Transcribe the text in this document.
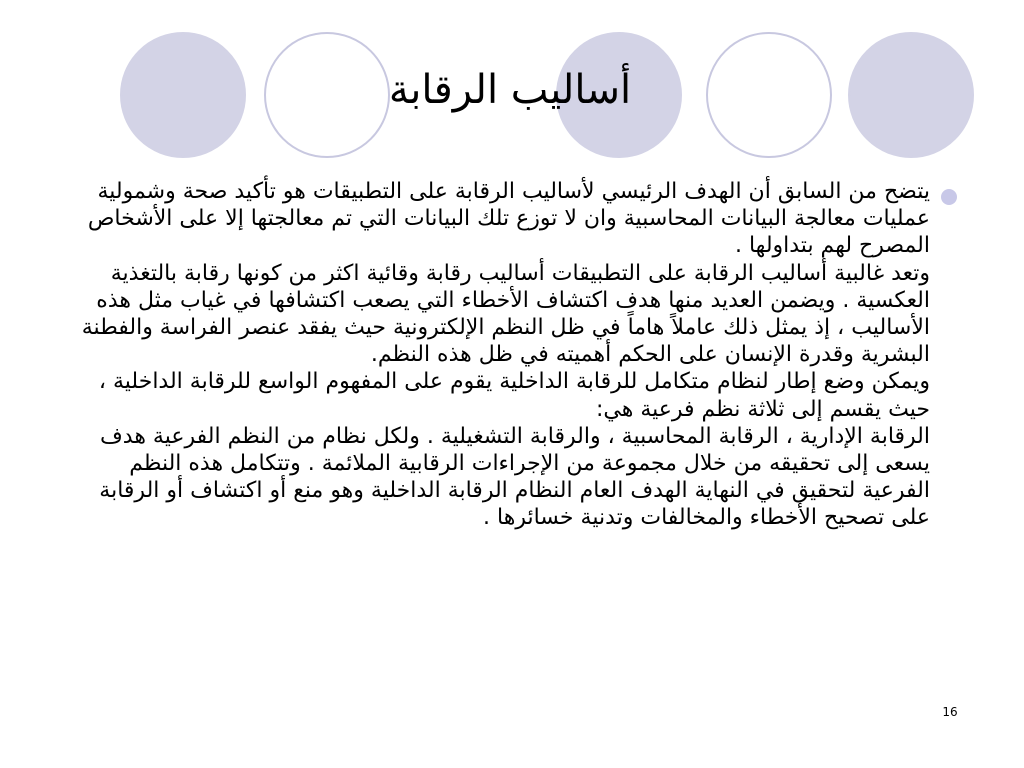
أساليب الرقابة

يتضح من السابق أن الهدف الرئيسي لأساليب الرقابة على التطبيقات هو تأكيد صحة وشمولية عمليات معالجة البيانات المحاسبية وان لا توزع تلك البيانات التي تم معالجتها إلا على الأشخاص المصرح لهم بتداولها .

وتعد غالبية أساليب الرقابة على التطبيقات أساليب رقابة وقائية اكثر من كونها رقابة بالتغذية العكسية . ويضمن العديد منها هدف اكتشاف الأخطاء التي يصعب اكتشافها في غياب مثل هذه الأساليب ، إذ يمثل ذلك عاملاً هاماً في ظل النظم الإلكترونية حيث يفقد عنصر الفراسة والفطنة البشرية وقدرة الإنسان على الحكم أهميته في ظل هذه النظم.

ويمكن وضع إطار لنظام متكامل للرقابة الداخلية يقوم على المفهوم الواسع للرقابة الداخلية ، حيث يقسم إلى ثلاثة نظم فرعية هي:

الرقابة الإدارية ، الرقابة المحاسبية ، والرقابة التشغيلية . ولكل نظام من النظم الفرعية هدف يسعى إلى تحقيقه من خلال مجموعة من الإجراءات الرقابية الملائمة . وتتكامل هذه النظم الفرعية لتحقيق في النهاية الهدف العام النظام الرقابة الداخلية وهو منع أو اكتشاف أو الرقابة على تصحيح الأخطاء والمخالفات وتدنية خسائرها .

16
